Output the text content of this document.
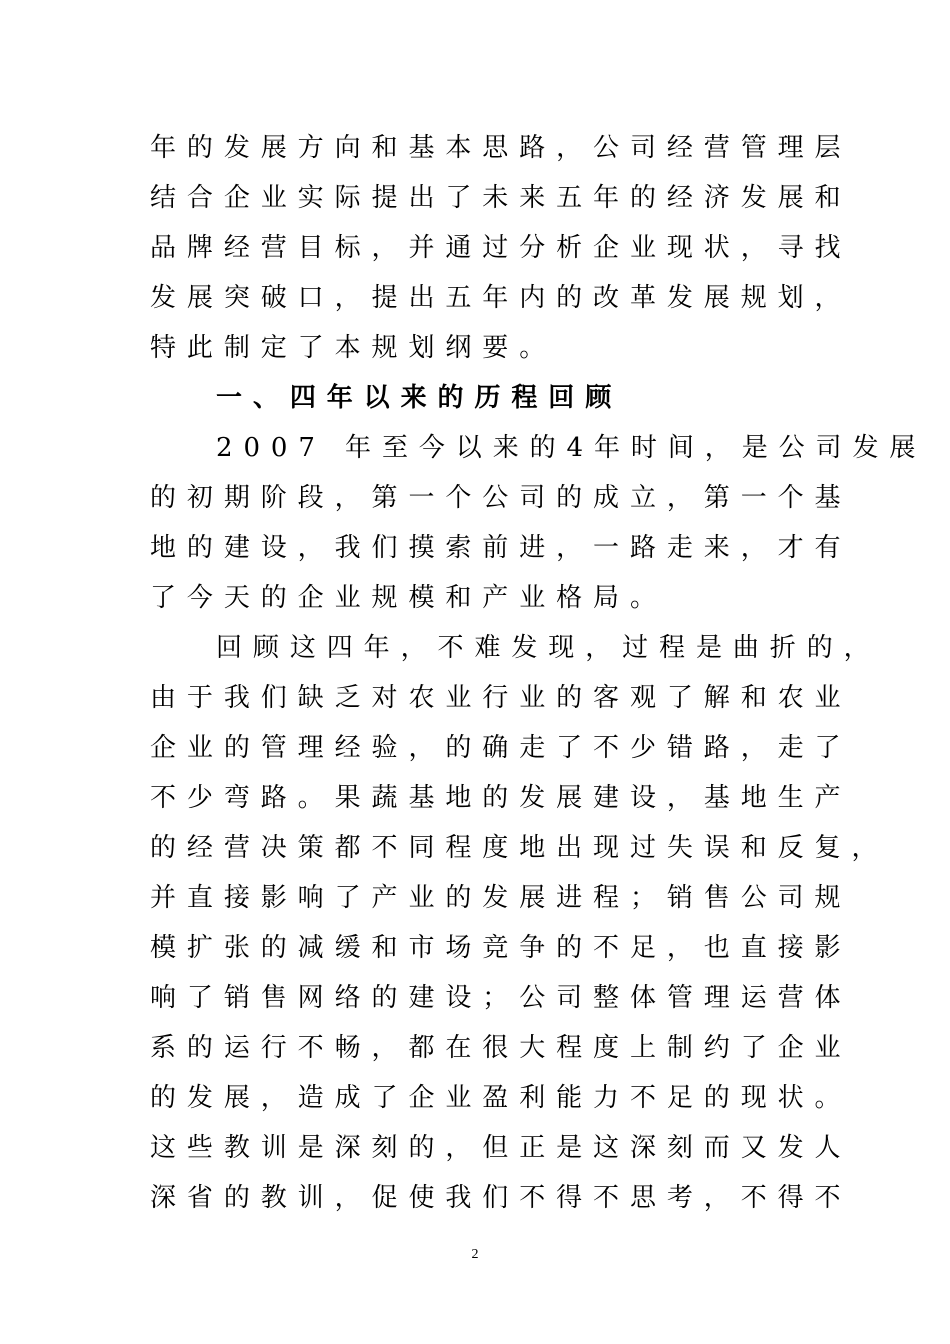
年的发展方向和基本思路，公司经营管理层
结合企业实际提出了未来五年的经济发展和
品牌经营目标，并通过分析企业现状，寻找
发展突破口，提出五年内的改革发展规划，
特此制定了本规划纲要。
一、四年以来的历程回顾
2007 年至今以来的4年时间，是公司发展
的初期阶段，第一个公司的成立，第一个基
地的建设，我们摸索前进，一路走来，才有
了今天的企业规模和产业格局。
回顾这四年，不难发现，过程是曲折的，
由于我们缺乏对农业行业的客观了解和农业
企业的管理经验，的确走了不少错路，走了
不少弯路。果蔬基地的发展建设，基地生产
的经营决策都不同程度地出现过失误和反复，
并直接影响了产业的发展进程；销售公司规
模扩张的减缓和市场竞争的不足，也直接影
响了销售网络的建设；公司整体管理运营体
系的运行不畅，都在很大程度上制约了企业
的发展，造成了企业盈利能力不足的现状。
这些教训是深刻的，但正是这深刻而又发人
深省的教训，促使我们不得不思考，不得不
2
